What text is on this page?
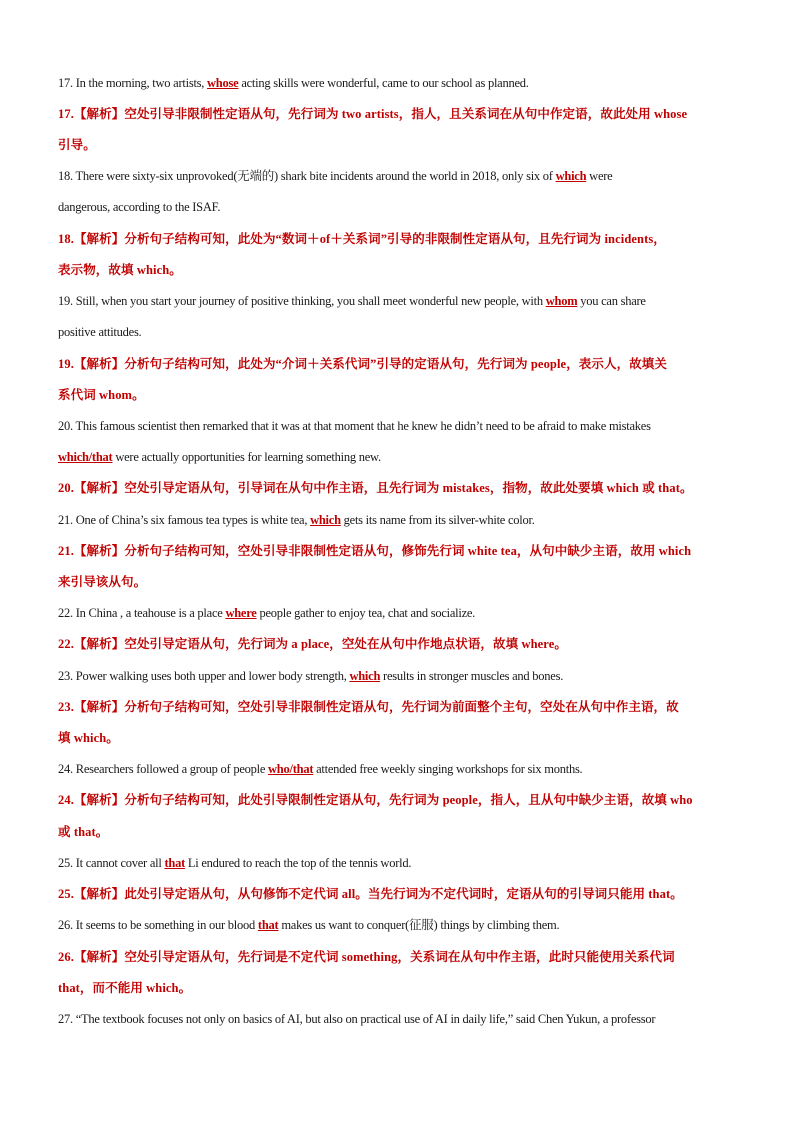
17. In the morning, two artists, whose acting skills were wonderful, came to our school as planned.
17.【解析】空处引导非限制性定语从句，先行词为 two artists，指人，且关系词在从句中作定语，故此处用 whose
引导。
18. There were sixty-six unprovoked(无端的) shark bite incidents around the world in 2018, only six of which were
dangerous, according to the ISAF.
18.【解析】分析句子结构可知，此处为“数词＋of＋关系词”引导的非限制性定语从句，且先行词为 incidents，
表示物，故填 which。
19. Still, when you start your journey of positive thinking, you shall meet wonderful new people, with whom you can share
positive attitudes.
19.【解析】分析句子结构可知，此处为“介词＋关系代词”引导的定语从句，先行词为 people，表示人，故填关
系代词 whom。
20. This famous scientist then remarked that it was at that moment that he knew he didn’t need to be afraid to make mistakes
which/that were actually opportunities for learning something new.
20.【解析】空处引导定语从句，引导词在从句中作主语，且先行词为 mistakes，指物，故此处要填 which 或 that。
21. One of China’s six famous tea types is white tea, which gets its name from its silver-white color.
21.【解析】分析句子结构可知，空处引导非限制性定语从句，修饰先行词 white tea，从句中缺少主语，故用 which
来引导该从句。
22. In China , a teahouse is a place where people gather to enjoy tea, chat and socialize.
22.【解析】空处引导定语从句，先行词为 a place，空处在从句中作地点状语，故填 where。
23. Power walking uses both upper and lower body strength, which results in stronger muscles and bones.
23.【解析】分析句子结构可知，空处引导非限制性定语从句，先行词为前面整个主句，空处在从句中作主语，故
填 which。
24. Researchers followed a group of people who/that attended free weekly singing workshops for six months.
24.【解析】分析句子结构可知，此处引导限制性定语从句，先行词为 people，指人，且从句中缺少主语，故填 who
或 that。
25. It cannot cover all that Li endured to reach the top of the tennis world.
25.【解析】此处引导定语从句，从句修饰不定代词 all。当先行词为不定代词时，定语从句的引导词只能用 that。
26. It seems to be something in our blood that makes us want to conquer(征服) things by climbing them.
26.【解析】空处引导定语从句，先行词是不定代词 something，关系词在从句中作主语，此时只能使用关系代词
that，而不能用 which。
27. “The textbook focuses not only on basics of AI, but also on practical use of AI in daily life,” said Chen Yukun, a professor
